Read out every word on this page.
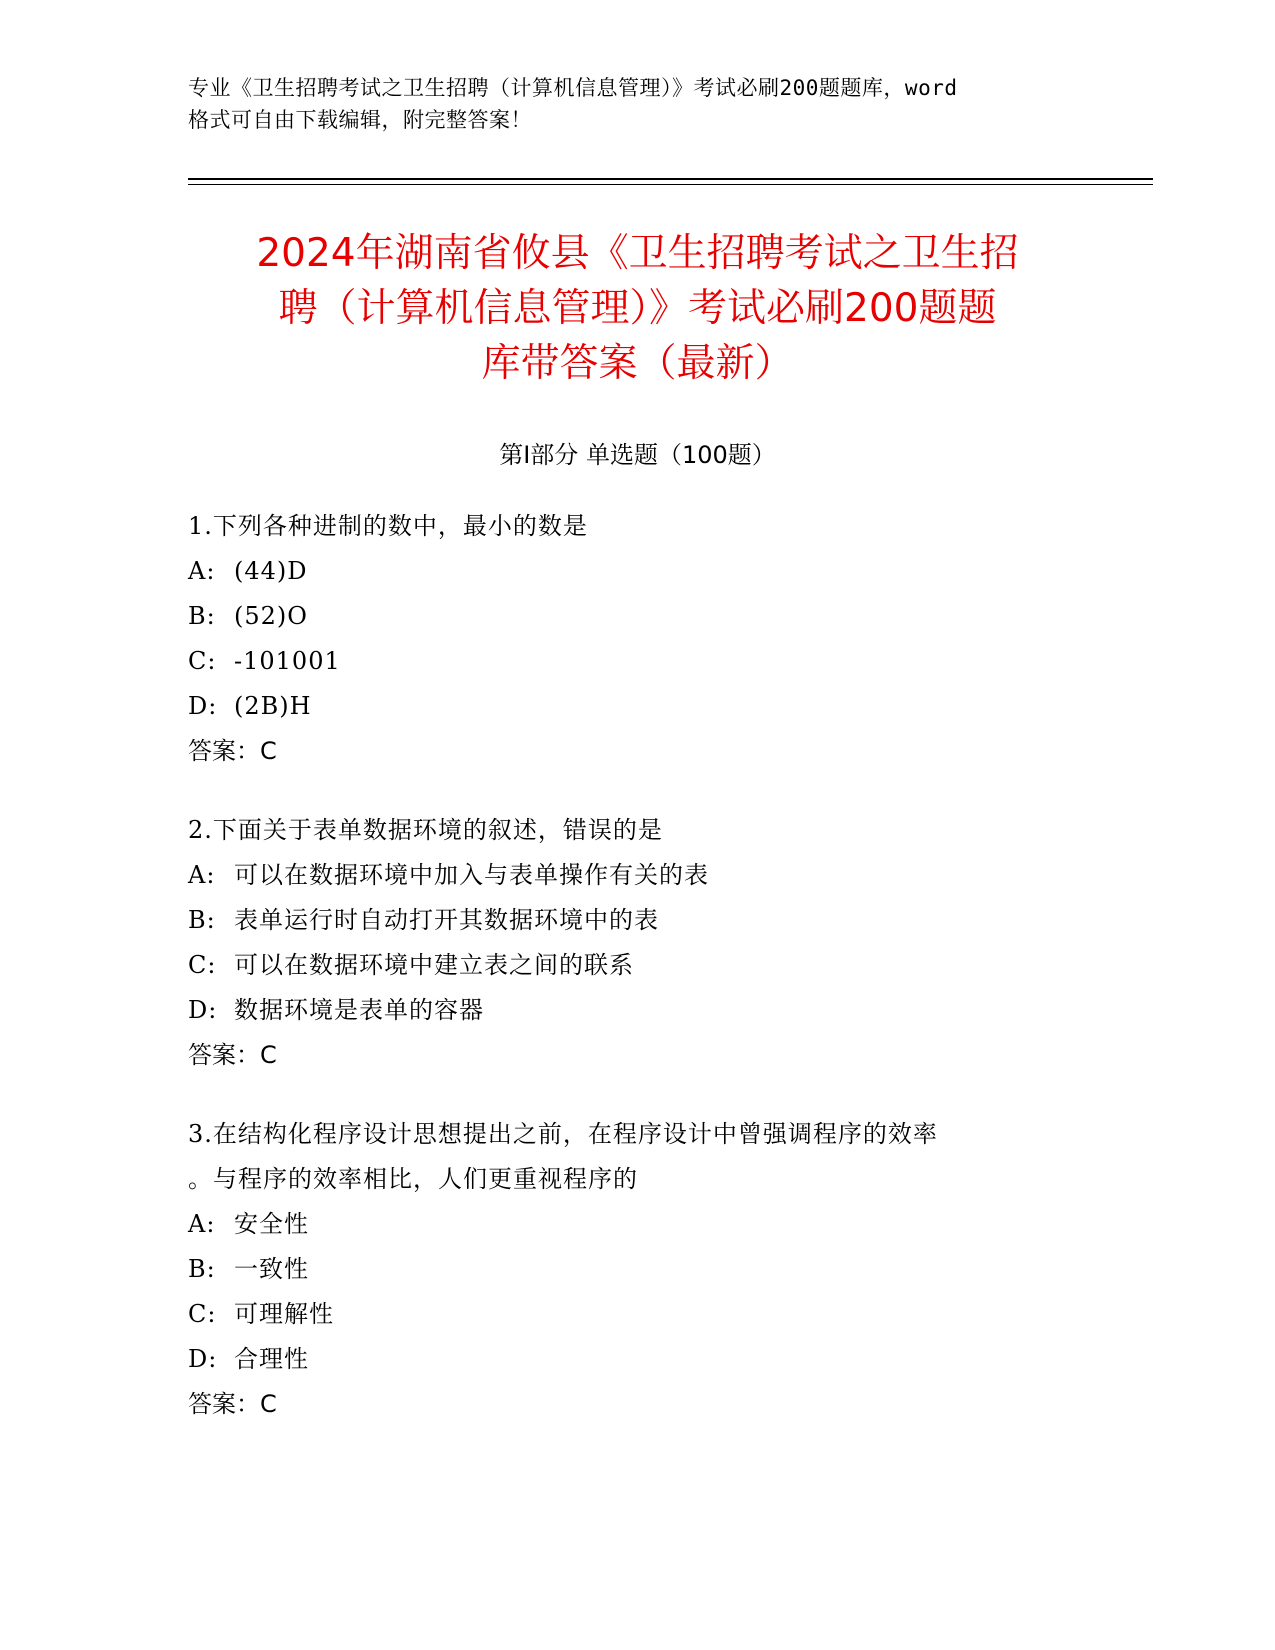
专业《卫生招聘考试之卫生招聘（计算机信息管理）》考试必刷200题题库，word
格式可自由下载编辑，附完整答案！
2024年湖南省攸县《卫生招聘考试之卫生招
聘（计算机信息管理）》考试必刷200题题
库带答案（最新）
第Ⅰ部分 单选题（100题）
1.下列各种进制的数中，最小的数是
A: (44)D
B: (52)O
C: -101001
D: (2B)H
答案：C
2.下面关于表单数据环境的叙述，错误的是
A: 可以在数据环境中加入与表单操作有关的表
B: 表单运行时自动打开其数据环境中的表
C: 可以在数据环境中建立表之间的联系
D: 数据环境是表单的容器
答案：C
3.在结构化程序设计思想提出之前，在程序设计中曾强调程序的效率
。与程序的效率相比，人们更重视程序的
A: 安全性
B: 一致性
C: 可理解性
D: 合理性
答案：C
